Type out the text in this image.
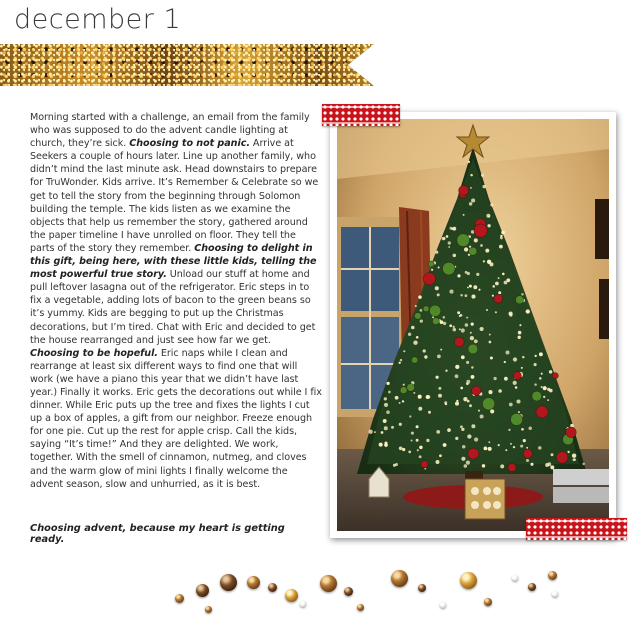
december 1

Morning started with a challenge, an email from the family who was supposed to do the advent candle lighting at church, they’re sick. Choosing to not panic. Arrive at Seekers a couple of hours later. Line up another family, who didn’t mind the last minute ask. Head downstairs to prepare for TruWonder. Kids arrive. It’s Remember & Celebrate so we get to tell the story from the beginning through Solomon building the temple. The kids listen as we examine the objects that help us remember the story, gathered around the paper timeline I have unrolled on floor. They tell the parts of the story they remember. Choosing to delight in this gift, being here, with these little kids, telling the most powerful true story. Unload our stuff at home and pull leftover lasagna out of the refrigerator. Eric steps in to fix a vegetable, adding lots of bacon to the green beans so it’s yummy. Kids are begging to put up the Christmas decorations, but I’m tired. Chat with Eric and decided to get the house rearranged and just see how far we get. Choosing to be hopeful. Eric naps while I clean and rearrange at least six different ways to find one that will work (we have a piano this year that we didn’t have last year.) Finally it works. Eric gets the decorations out while I fix dinner. While Eric puts up the tree and fixes the lights I cut up a box of apples, a gift from our neighbor. Freeze enough for one pie. Cut up the rest for apple crisp. Call the kids, saying “It’s time!” And they are delighted. We work, together. With the smell of cinnamon, nutmeg, and cloves and the warm glow of mini lights I finally welcome the advent season, slow and unhurried, as it is best.

Choosing advent, because my heart is getting ready.
